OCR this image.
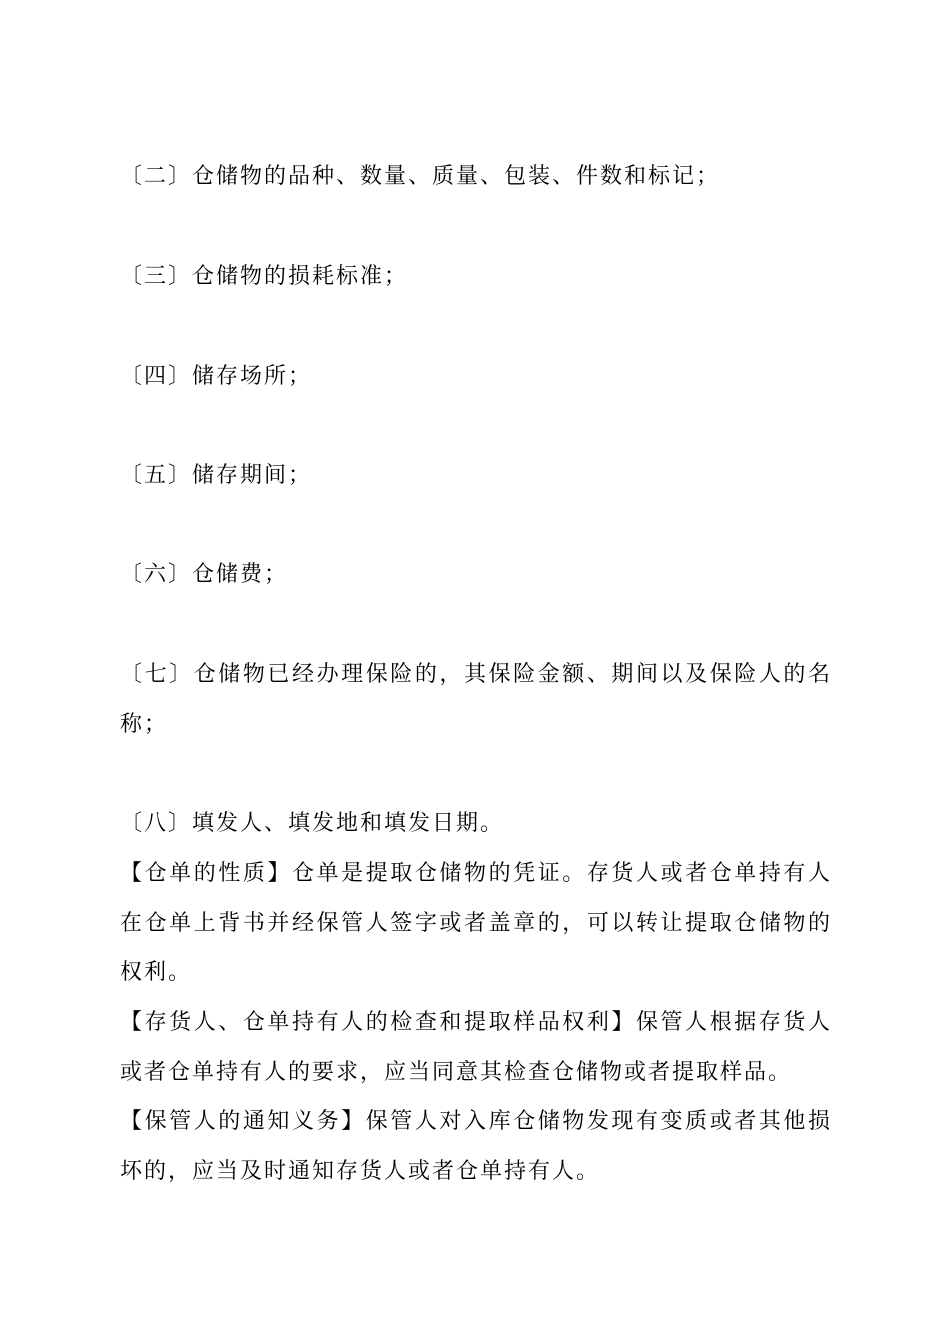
〔二〕仓储物的品种、数量、质量、包装、件数和标记；
〔三〕仓储物的损耗标准；
〔四〕储存场所；
〔五〕储存期间；
〔六〕仓储费；
〔七〕仓储物已经办理保险的，其保险金额、期间以及保险人的名
称；
〔八〕填发人、填发地和填发日期。
【仓单的性质】仓单是提取仓储物的凭证。存货人或者仓单持有人
在仓单上背书并经保管人签字或者盖章的，可以转让提取仓储物的
权利。
【存货人、仓单持有人的检查和提取样品权利】保管人根据存货人
或者仓单持有人的要求，应当同意其检查仓储物或者提取样品。
【保管人的通知义务】保管人对入库仓储物发现有变质或者其他损
坏的，应当及时通知存货人或者仓单持有人。
